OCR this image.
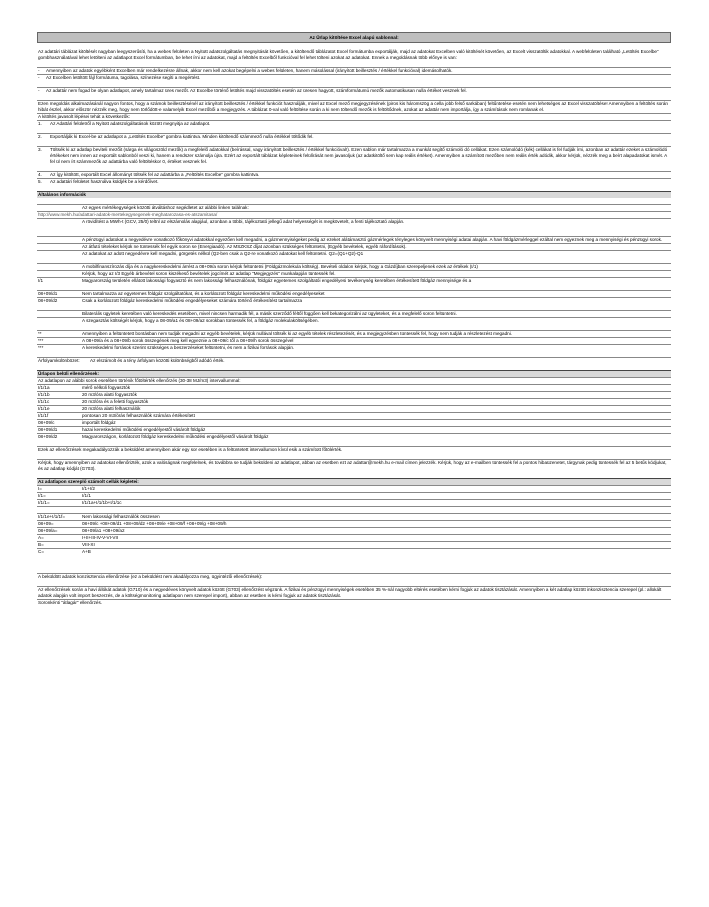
Az Űrlap kitöltése Excel alapú sablonnal:
Az adattári táblázat kitöltését nagyban leegyszerűsíti, ha a webes felületen a Nyitott adatszolgáltatás megnyitását követően, a kitöltendő táblázatot Excel formátumba exportálják, majd az adatokat Excelben való kitöltését követően, az Excelt visszatöltik adatokkal. A webfelületen található „Letöltés Excelbe” gombhasználatával lehet letölteni az adatlapot Excel formátumban, be lehet írni az adatokat, majd a feltöltés Excelből funkcióval fel lehet tölteni azokat az adatokat. Ennek a megoldásnak több előnye is van:
-	Amennyiben az adatok egyébként Excelben már rendelkezésre állnak, akkor nem kell azokat begépelni a webes felületen, hanem másolással (irányított beillesztés / értékkel funkcióval) idemásolhatók.
-	Az Excelben letöltött fájl formátuma, tagolása, színezése segíti a megértést.
-	Az adattár nem fogad be olyan adatlapot, amely tartalmaz üres mezőt. Az Excelbe történő letöltés majd visszatöltés esetén az üresen hagyott, számformátumú mezők automatikusan nulla értéket vesznek fel.
Ezen megoldás alkalmazásánál nagyon fontos, hogy a számok beillesztésénél az irányított beillesztés / értékkel funkciót használják, mivel az Excel mező megjegyzésének (piros kis háromszög a cella jobb felső sarkában) feltűntetése esetén nem lehetséges az Excel visszatöltése! Amennyiben a feltöltés során hibát észlel, akkor először nézzék meg, hogy nem törlődött-e valamelyik Excel mezőbői a megjegyzés. A táblázat 0-val való feltöltése során a ki nem töltendő mezők is feltöltődnek, azokat az adattár nem importálja, így a számítások nem romlanak el.
A kitöltés javasolt lépései tehát a következők:
1.	Az Adattári felületről a Nyitott adatszolgáltatások között megnyitja az adatlapot.
2.	Exportálják ki Excel-be az adatlapot a „Letöltés Excelbe” gombra kattintva. Minden kitöltendő számmező nulla értékkel töltődik fel.
3.	Töltsék ki az adatlap beviteli mezőit (sárga és világoszöld mezők) a megfelelő adatokkal (beírással, vagy irányított beillesztés / értékkel funkcióval!). Ezen sablon már tartalmazza a munkát segítő számoló dó cellákat. Ezen számolódó (kék) cellákat is fel fudják írni, azonban az adattár ezeket a számolódó értékeket nem innen az exportált sablonból veszi ki, hanem a rendszer számolja újra. Ezért az exportált táblázat képleteinek felülírását nem javasoljuk (az adatkitöltő sem kap reális értéket). Amennyiben a számított mezőben nem reális érték adódik, akkor kérjük, nézzék meg a beírt alapadatokat ismét. A fel ül nem írt számmezők az adattárba való feltöltéskor 0, értéket vesznek fel.
4.	Az így kitöltött, exportált Excel állományt töltsék fel az adattárba a „Feltöltés Excelbe” gombra kattintva.
5.	Az adattári felületet használva küldjék be a kérdőívet.
Általános információk
Az egyes mértékegységek közötti átváltáshoz segédletet az alábbi linken találnak:
http://www.mekh.hu/adattari-adatok-mertekegysegenek-meghatarozasa-es-atszamitasa/
A rövidítést a MWh-t (GCV, 25/0) teltnl az elszámolás alapjául, azonban a többi, tájékoztató jellegű adat helyességét is megkövetelt, a fenti tájékoztató alapján.
A pénzügyi adatokat a negyedévre vonatkozó főkönyvi adatokkal egyezően kell megadni, a gázmennyiségeket pedig az ezeket alátámasztó gázmérlegek tényleges könyvelt mennyiségi adatai alapján. A havi földgázmérleggel ezáltal nem egyeznek meg a mennyiségi és pénzügyi sorok.
Az átfutó tételeket kérjük ne tüntessék fel egyik soron se (Energiaadó). Az MSZKSZ díjat azonban szükséges feltüntetni, (Egyéb bevételek, egyéb ráfordítások).
Az adatokat az adott negyedévre kell megadni, görgetés nélkül (Q2-ben csak a Q2-re vonatkozó adatokat kell feltüntetni. Q2=(Q1+Q2)-Q1
A mobilfinanszírozás díja és a nagykereskedelmi árrést a 08+09/a soron kérjük feltüntetni (Földgázmolekula költség). Bevételi oldalon kérjük, hogy a Gázdíjban szerepeljenek ezek az értékek (I/1)
Kérjük, hogy az I/3 Egyéb árbevétel soron kiszékeső bevételek jogcímét az adatlap "Megjegyzés" munkalapján tüntessék fel.
I/1	Magyarország területén ellátott lakossági fogyasztó és nem lakossági felhasználónak, földgáz egyetemes szolgáltatói engedélyesi tevékenység keretében értékesített földgáz mennyisége és a
08+09/d1	Nem tartalmazza az egyetemes földgáz szolgáltatókat, és a korlátozott földgáz kereskedelmi működési engedélyeseket
08+09/d2	Csak a korlátozott földgáz kereskedelmi működési engedélyeseket számára történő értékesítést tartalmazza
Bilaterális ügyletek keretében való kereskedés esetében, mivel nincsen harmadik fél, a másik szerződő féltől függően kell bekategorizálni az ügyleteket, és a megfelelő soron feltüntetni.
A szegasztás költségét kérjük, hogy a 08-09/a1 és 08+09/a2 sorokban tüntessék fel, a földgáz molekulaköltségében.
**	Amennyiben a feltüntetett bontásban nem tudják megadni az egyéb bevételek, kérjük nullával töltsék ki az egyéb tételek részletezését, és a megjegyzésben tüntessék fel, hogy nem tudják a részletezést megadni.
***	A 08+09/a és a 08+09/b sorok összegének meg kell egyeznie a 08+09/c től a 08+09/h sorok összegével
***	A kereskedelmi források szerint szükséges a beszerzéseket feltüntetni, és nem a fizikai források alapján.
Árfolyamkülönbözet:	Az elszámolt és a tény árfolyam közötti különbségből adódó érték.
Űrlapon belüli ellenőrzések:
Az adatlapon az alábbi sorok esetében történik főtöltérték ellenőrzés (30-38 MJ/m3) intervallummal:
I/1/1a	mérő nélküli fogyasztók
I/1/1b	20 m3/óra alatti fogyasztók
I/1/1c	20 m3/óra és a feletti fogyasztók
I/1/1e	20 m3/óra alatti felhasználók
I/1/1f	pontosan 20 m3/órás felhasználók számára értékesített
08+09/c	importált földgáz
08+09/d1	hazai kereskedelmi működési engedélyestől vásárolt földgáz
08+09/d2	Magyarországon, korlátozott földgáz kereskedelmi működési engedélyestől vásárolt földgáz
Ezek az ellenőrzések megakadályozzák a beküldést amennyiben akár egy sor esetében is a feltüntetett intervallumon kívül esik a számított főtölérték.
Kérjük, hogy amennyiben az adatokat ellenőrizték, azok a valóságnak megfelelnek, és továbbra se tudják beküldeni az adatlapot, abban az esetben ezt az adattar@mekh.hu e-mail címen jelezzék. Kérjük, hogy az e-mailben tüntessék fel a pontos hibaüzenetet, tárgynak pedig tüntessék fel az 5 betűs kódjukat, és az adatlap kódját (G703).
Az adatlapon szereplő számolt cellák képletei:
I=	I/1+I/2
I/1=	I/1/1
I/1/1=	I/1/1a+I/1/1b+I/1/1c
I/1/1e+I/1/1f=	Nem lakossági felhasználók összesen
08+09=	08+09/c +08+09/d1 +08+09/d2 +08+09/e +08+09/f +08+09/g +08+09/h
08+09/a=	08+09/a1 +08+09/a2
A=	I+II+III-IV-V-VI-VII
B=	VIII-XI
C=	A+B
A beküldött adatok konzisztencia ellenőrzése (ez a beküldést nem akadályozza meg, ügyintézői ellenőrzések):
Az ellenőrzések során a havi állókát adatok (G710) és a negyedéves könyvelt adatok között (G703) ellenőrzést végzünk. A fizikai és pénzügyi mennyiségek esetében 35 %-nál nagyobb eltérés esetében kérni fogjuk az adatok tisztázását. Amennyiben a két adatlap között inkonzisztencia szerepel (pl.: allokált adatok alapján volt import beszerzés, de a költségmonitoring adatlapon nem szerepel import), abban az esetben is kérni fogjuk az adatok tisztázását.
Soronkénti "átlagár" ellenőrzés.
